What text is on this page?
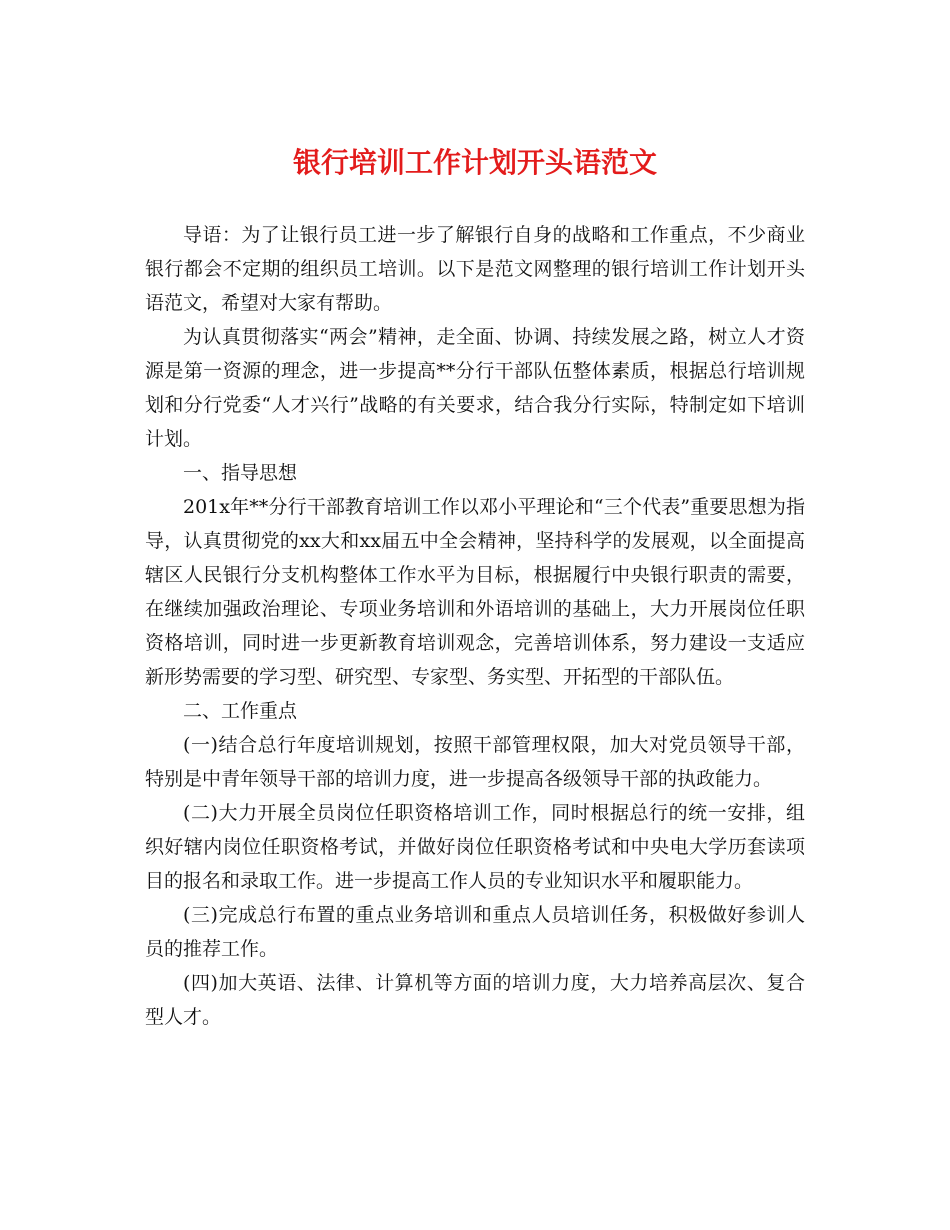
银行培训工作计划开头语范文

导语：为了让银行员工进一步了解银行自身的战略和工作重点，不少商业银行都会不定期的组织员工培训。以下是范文网整理的银行培训工作计划开头语范文，希望对大家有帮助。

为认真贯彻落实“两会”精神，走全面、协调、持续发展之路，树立人才资源是第一资源的理念，进一步提高**分行干部队伍整体素质，根据总行培训规划和分行党委“人才兴行”战略的有关要求，结合我分行实际，特制定如下培训计划。

一、指导思想

201x年**分行干部教育培训工作以邓小平理论和“三个代表”重要思想为指导，认真贯彻党的xx大和xx届五中全会精神，坚持科学的发展观，以全面提高辖区人民银行分支机构整体工作水平为目标，根据履行中央银行职责的需要，在继续加强政治理论、专项业务培训和外语培训的基础上，大力开展岗位任职资格培训，同时进一步更新教育培训观念，完善培训体系，努力建设一支适应新形势需要的学习型、研究型、专家型、务实型、开拓型的干部队伍。

二、工作重点

(一)结合总行年度培训规划，按照干部管理权限，加大对党员领导干部，特别是中青年领导干部的培训力度，进一步提高各级领导干部的执政能力。

(二)大力开展全员岗位任职资格培训工作，同时根据总行的统一安排，组织好辖内岗位任职资格考试，并做好岗位任职资格考试和中央电大学历套读项目的报名和录取工作。进一步提高工作人员的专业知识水平和履职能力。

(三)完成总行布置的重点业务培训和重点人员培训任务，积极做好参训人员的推荐工作。

(四)加大英语、法律、计算机等方面的培训力度，大力培养高层次、复合型人才。
